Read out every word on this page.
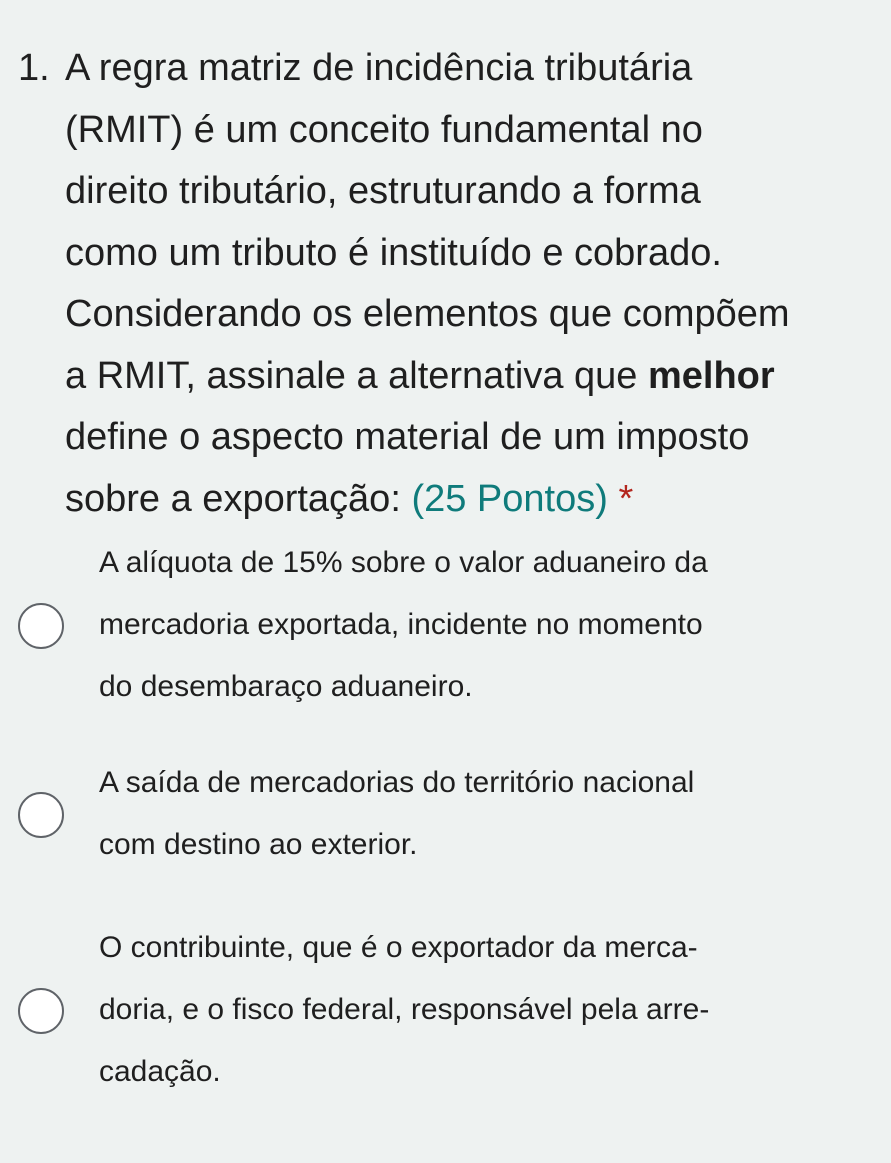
1. A regra matriz de incidência tributária
(RMIT) é um conceito fundamental no
direito tributário, estruturando a forma
como um tributo é instituído e cobrado.
Considerando os elementos que compõem
a RMIT, assinale a alternativa que melhor
define o aspecto material de um imposto
sobre a exportação: (25 Pontos) *
A alíquota de 15% sobre o valor aduaneiro da
mercadoria exportada, incidente no momento
do desembaraço aduaneiro.
A saída de mercadorias do território nacional
com destino ao exterior.
O contribuinte, que é o exportador da merca-
doria, e o fisco federal, responsável pela arre-
cadação.
